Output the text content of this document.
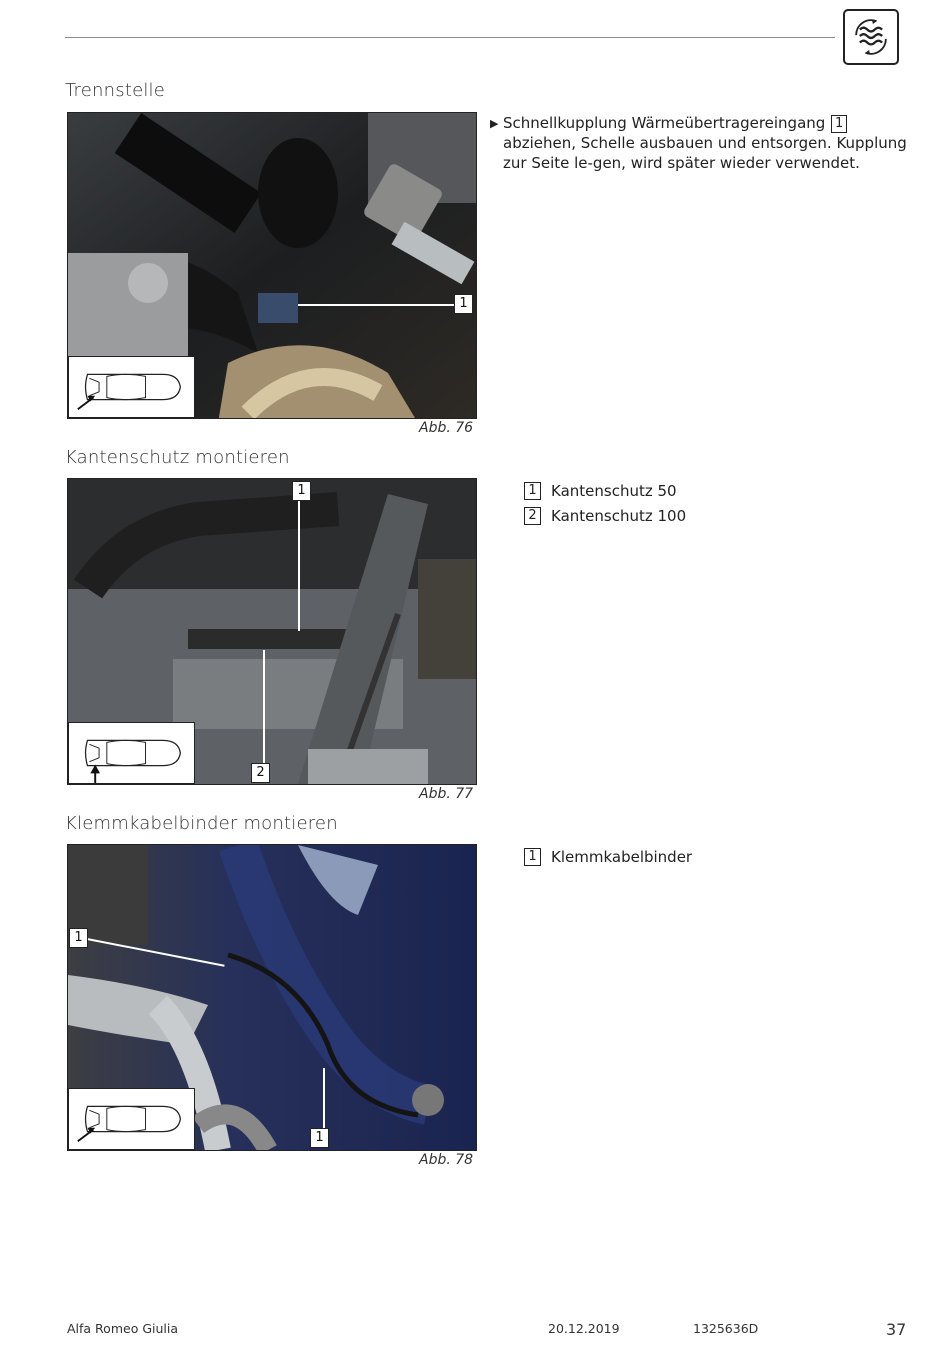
Trennstelle
1
Abb. 76
▶ Schnellkupplung Wärmeübertragereingang 1 abziehen, Schelle ausbauen und entsorgen. Kupplung zur Seite le-gen, wird später wieder verwendet.
Kantenschutz montieren
1
2
Abb. 77
1 Kantenschutz 50
2 Kantenschutz 100
Klemmkabelbinder montieren
1
1
Abb. 78
1 Klemmkabelbinder
Alfa Romeo Giulia	20.12.2019	1325636D	37
